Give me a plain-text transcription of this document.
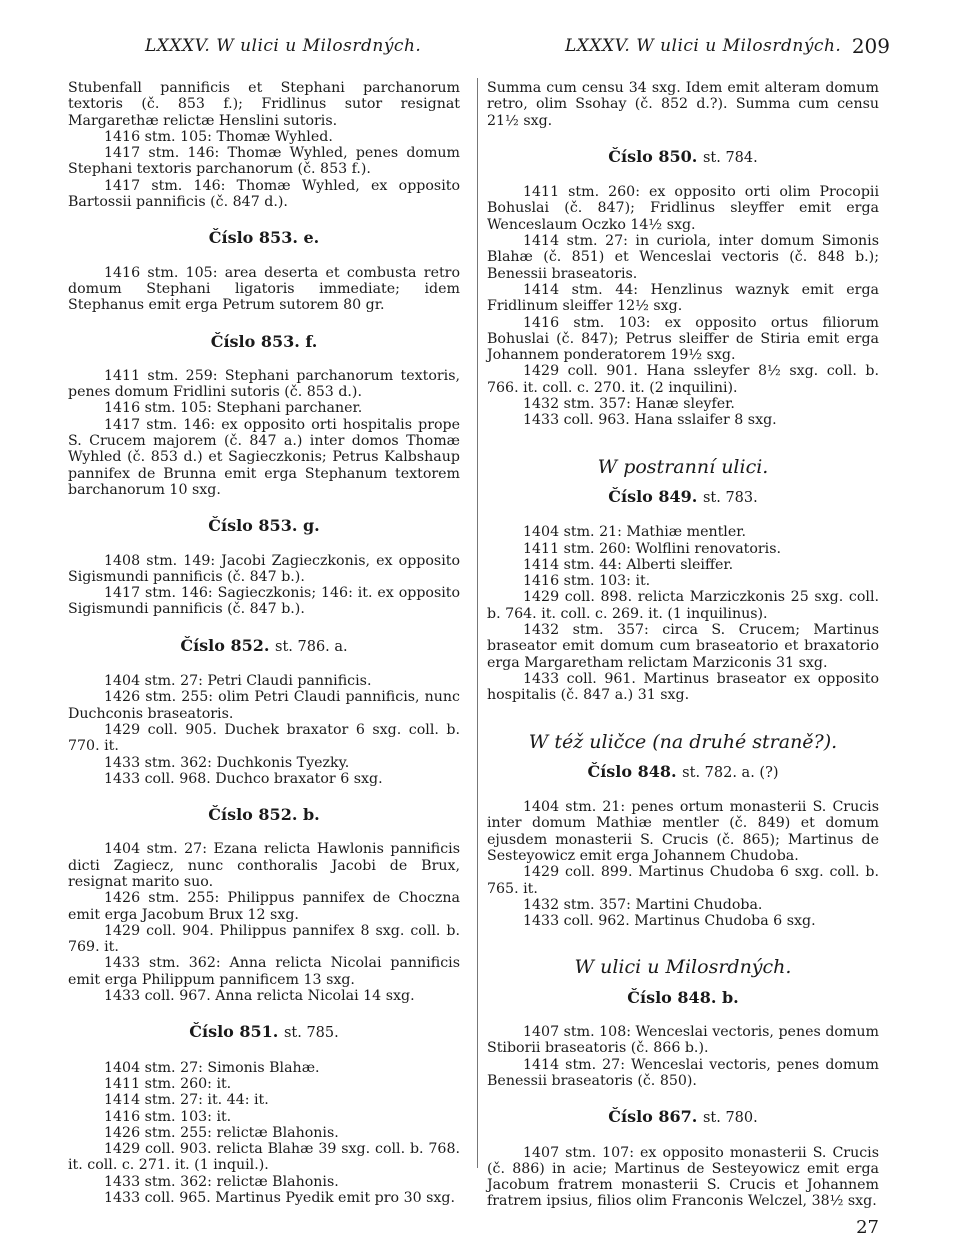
LXXXV. W ulici u Milosrdných.	LXXXV. W ulici u Milosrdných. 209

Stubenfall pannificis et Stephani parchanorum textoris (č. 853 f.); Fridlinus sutor resignat Margarethæ relictæ Henslini sutoris.

1416 stm. 105: Thomæ Wyhled.

1417 stm. 146: Thomæ Wyhled, penes domum Stephani textoris parchanorum (č. 853 f.).

1417 stm. 146: Thomæ Wyhled, ex opposito Bartossii pannificis (č. 847 d.).

Číslo 853. e.

1416 stm. 105: area deserta et combusta retro domum Stephani ligatoris immediate; idem Stephanus emit erga Petrum sutorem 80 gr.

Číslo 853. f.

1411 stm. 259: Stephani parchanorum textoris, penes domum Fridlini sutoris (č. 853 d.).

1416 stm. 105: Stephani parchaner.

1417 stm. 146: ex opposito orti hospitalis prope S. Crucem majorem (č. 847 a.) inter domos Thomæ Wyhled (č. 853 d.) et Sagieczkonis; Petrus Kalbshaup pannifex de Brunna emit erga Stephanum textorem barchanorum 10 sxg.

Číslo 853. g.

1408 stm. 149: Jacobi Zagieczkonis, ex opposito Sigismundi pannificis (č. 847 b.).

1417 stm. 146: Sagieczkonis; 146: it. ex opposito Sigismundi pannificis (č. 847 b.).

Číslo 852. st. 786. a.

1404 stm. 27: Petri Claudi pannificis.

1426 stm. 255: olim Petri Claudi pannificis, nunc Duchconis braseatoris.

1429 coll. 905. Duchek braxator 6 sxg. coll. b. 770. it.

1433 stm. 362: Duchkonis Tyezky.

1433 coll. 968. Duchco braxator 6 sxg.

Číslo 852. b.

1404 stm. 27: Ezana relicta Hawlonis pannificis dicti Zagiecz, nunc conthoralis Jacobi de Brux, resignat marito suo.

1426 stm. 255: Philippus pannifex de Choczna emit erga Jacobum Brux 12 sxg.

1429 coll. 904. Philippus pannifex 8 sxg. coll. b. 769. it.

1433 stm. 362: Anna relicta Nicolai pannificis emit erga Philippum pannificem 13 sxg.

1433 coll. 967. Anna relicta Nicolai 14 sxg.

Číslo 851. st. 785.

1404 stm. 27: Simonis Blahæ.

1411 stm. 260: it.

1414 stm. 27: it. 44: it.

1416 stm. 103: it.

1426 stm. 255: relictæ Blahonis.

1429 coll. 903. relicta Blahæ 39 sxg. coll. b. 768. it. coll. c. 271. it. (1 inquil.).

1433 stm. 362: relictæ Blahonis.

1433 coll. 965. Martinus Pyedik emit pro 30 sxg.

Summa cum censu 34 sxg. Idem emit alteram domum retro, olim Ssohay (č. 852 d.?). Summa cum censu 21½ sxg.

Číslo 850. st. 784.

1411 stm. 260: ex opposito orti olim Procopii Bohuslai (č. 847); Fridlinus sleyffer emit erga Wenceslaum Oczko 14½ sxg.

1414 stm. 27: in curiola, inter domum Simonis Blahæ (č. 851) et Wenceslai vectoris (č. 848 b.); Benessii braseatoris.

1414 stm. 44: Henzlinus waznyk emit erga Fridlinum sleiffer 12½ sxg.

1416 stm. 103: ex opposito ortus filiorum Bohuslai (č. 847); Petrus sleiffer de Stiria emit erga Johannem ponderatorem 19½ sxg.

1429 coll. 901. Hana ssleyfer 8½ sxg. coll. b. 766. it. coll. c. 270. it. (2 inquilini).

1432 stm. 357: Hanæ sleyfer.

1433 coll. 963. Hana sslaifer 8 sxg.

W postranní ulici.
Číslo 849. st. 783.

1404 stm. 21: Mathiæ mentler.

1411 stm. 260: Wolflini renovatoris.

1414 stm. 44: Alberti sleiffer.

1416 stm. 103: it.

1429 coll. 898. relicta Marziczkonis 25 sxg. coll. b. 764. it. coll. c. 269. it. (1 inquilinus).

1432 stm. 357: circa S. Crucem; Martinus braseator emit domum cum braseatorio et braxatorio erga Margaretham relictam Marziconis 31 sxg.

1433 coll. 961. Martinus braseator ex opposito hospitalis (č. 847 a.) 31 sxg.

W též uličce (na druhé straně?).
Číslo 848. st. 782. a. (?)

1404 stm. 21: penes ortum monasterii S. Crucis inter domum Mathiæ mentler (č. 849) et domum ejusdem monasterii S. Crucis (č. 865); Martinus de Sesteyowicz emit erga Johannem Chudoba.

1429 coll. 899. Martinus Chudoba 6 sxg. coll. b. 765. it.

1432 stm. 357: Martini Chudoba.

1433 coll. 962. Martinus Chudoba 6 sxg.

W ulici u Milosrdných.
Číslo 848. b.

1407 stm. 108: Wenceslai vectoris, penes domum Stiborii braseatoris (č. 866 b.).

1414 stm. 27: Wenceslai vectoris, penes domum Benessii braseatoris (č. 850).

Číslo 867. st. 780.

1407 stm. 107: ex opposito monasterii S. Crucis (č. 886) in acie; Martinus de Sesteyowicz emit erga Jacobum fratrem monasterii S. Crucis et Johannem fratrem ipsius, filios olim Franconis Welczel, 38½ sxg.

27
